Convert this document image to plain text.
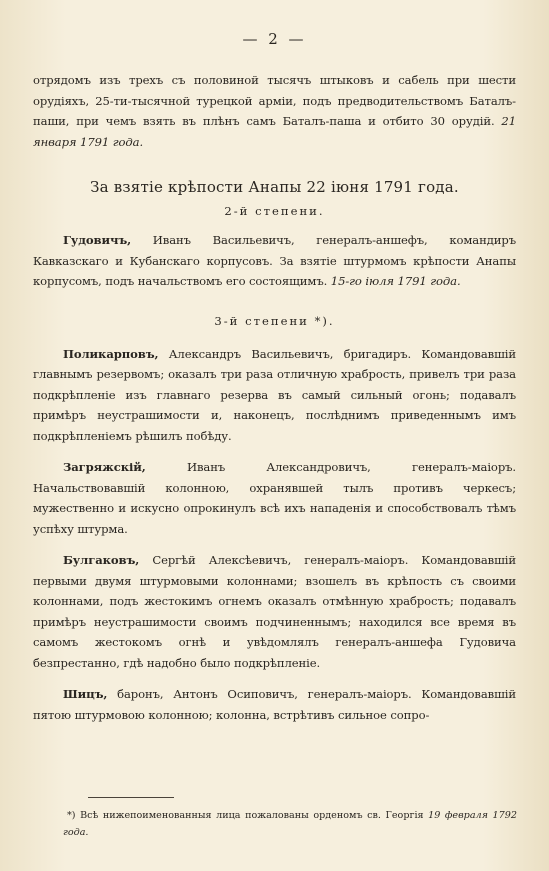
— 2 —

отрядомъ изъ трехъ съ половиной тысячъ штыковъ и сабель при шести орудіяхъ, 25-ти-тысячной турецкой арміи, подъ предводительствомъ Баталъ-паши, при чемъ взять въ плѣнъ самъ Баталъ-паша и отбито 30 орудій. 21 января 1791 года.

За взятіе крѣпости Анапы 22 іюня 1791 года.
2-й степени.

Гудовичъ, Иванъ Васильевичъ, генералъ-аншефъ, командиръ Кавказскаго и Кубанскаго корпусовъ. За взятіе штурмомъ крѣпости Анапы корпусомъ, подъ начальствомъ его состоящимъ. 15-го іюля 1791 года.

3-й степени *).

Поликарповъ, Александръ Васильевичъ, бригадиръ. Командовавшій главнымъ резервомъ; оказалъ три раза отличную храбрость, привелъ три раза подкрѣпленіе изъ главнаго резерва въ самый сильный огонь; подавалъ примѣръ неустрашимости и, наконецъ, послѣднимъ приведеннымъ имъ подкрѣпленіемъ рѣшилъ побѣду.

Загряжскій,	Иванъ Александровичъ, генералъ-маіоръ. Начальствовавшій колонною, охранявшей тылъ противъ черкесъ; мужественно и искусно опрокинулъ всѣ ихъ нападенія и способствовалъ тѣмъ успѣху штурма.

Булгаковъ, Сергѣй Алексѣевичъ, генералъ-маіоръ. Командовавшій первыми двумя штурмовыми колоннами; взошелъ въ крѣпость съ своими колоннами, подъ жестокимъ огнемъ оказалъ отмѣнную храбрость; подавалъ примѣръ неустрашимости своимъ подчиненнымъ; находился все время въ самомъ жестокомъ огнѣ и увѣдомлялъ генералъ-аншефа Гудовича безпрестанно, гдѣ надобно было подкрѣпленіе.

Шицъ, баронъ, Антонъ Осиповичъ, генералъ-маіоръ. Командовавшій пятою штурмовою колонною; колонна, встрѣтивъ сильное сопро-

*) Всѣ нижепоименованныя лица пожалованы орденомъ св. Георгія 19 февраля 1792 года.
